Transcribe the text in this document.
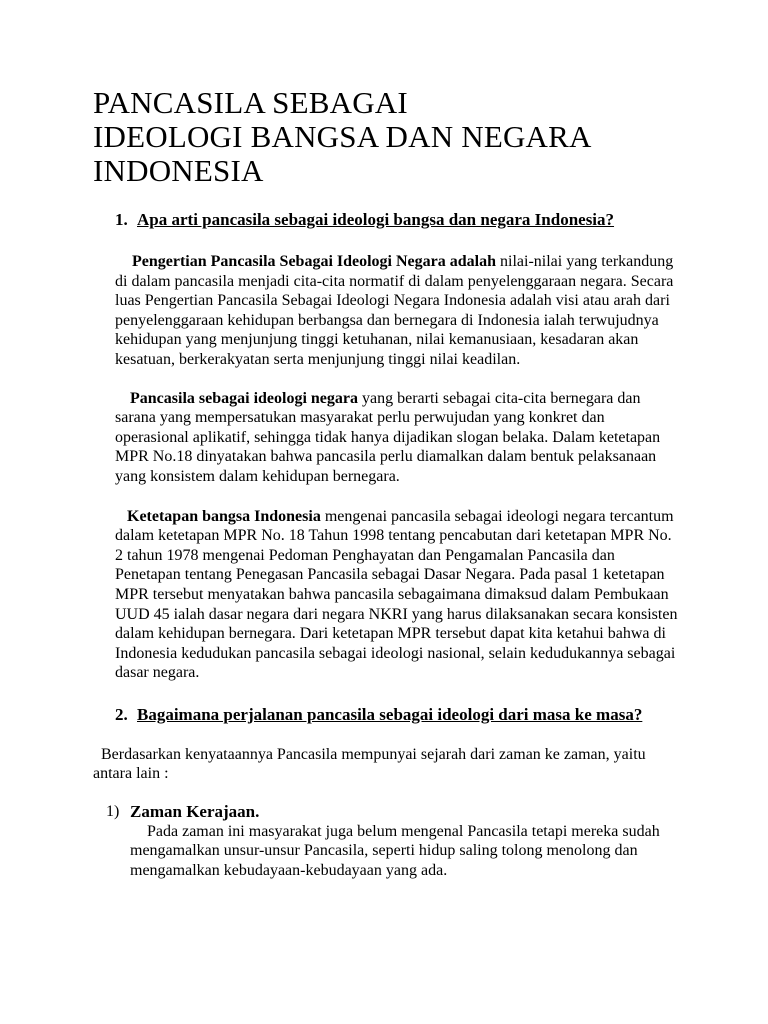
PANCASILA SEBAGAI
IDEOLOGI BANGSA DAN NEGARA
INDONESIA

1. Apa arti pancasila sebagai ideologi bangsa dan negara Indonesia?

Pengertian Pancasila Sebagai Ideologi Negara adalah nilai-nilai yang terkandung di dalam pancasila menjadi cita-cita normatif di dalam penyelenggaraan negara. Secara luas Pengertian Pancasila Sebagai Ideologi Negara Indonesia adalah visi atau arah dari penyelenggaraan kehidupan berbangsa dan bernegara di Indonesia ialah terwujudnya kehidupan yang menjunjung tinggi ketuhanan, nilai kemanusiaan, kesadaran akan kesatuan, berkerakyatan serta menjunjung tinggi nilai keadilan.

Pancasila sebagai ideologi negara yang berarti sebagai cita-cita bernegara dan sarana yang mempersatukan masyarakat perlu perwujudan yang konkret dan operasional aplikatif, sehingga tidak hanya dijadikan slogan belaka. Dalam ketetapan MPR No.18 dinyatakan bahwa pancasila perlu diamalkan dalam bentuk pelaksanaan yang konsistem dalam kehidupan bernegara.

Ketetapan bangsa Indonesia mengenai pancasila sebagai ideologi negara tercantum dalam ketetapan MPR No. 18 Tahun 1998 tentang pencabutan dari ketetapan MPR No. 2 tahun 1978 mengenai Pedoman Penghayatan dan Pengamalan Pancasila dan Penetapan tentang Penegasan Pancasila sebagai Dasar Negara. Pada pasal 1 ketetapan MPR tersebut menyatakan bahwa pancasila sebagaimana dimaksud dalam Pembukaan UUD 45 ialah dasar negara dari negara NKRI yang harus dilaksanakan secara konsisten dalam kehidupan bernegara. Dari ketetapan MPR tersebut dapat kita ketahui bahwa di Indonesia kedudukan pancasila sebagai ideologi nasional, selain kedudukannya sebagai dasar negara.

2. Bagaimana perjalanan pancasila sebagai ideologi dari masa ke masa?

Berdasarkan kenyataannya Pancasila mempunyai sejarah dari zaman ke zaman, yaitu antara lain :

1) Zaman Kerajaan.

Pada zaman ini masyarakat juga belum mengenal Pancasila tetapi mereka sudah mengamalkan unsur-unsur Pancasila, seperti hidup saling tolong menolong dan mengamalkan kebudayaan-kebudayaan yang ada.
